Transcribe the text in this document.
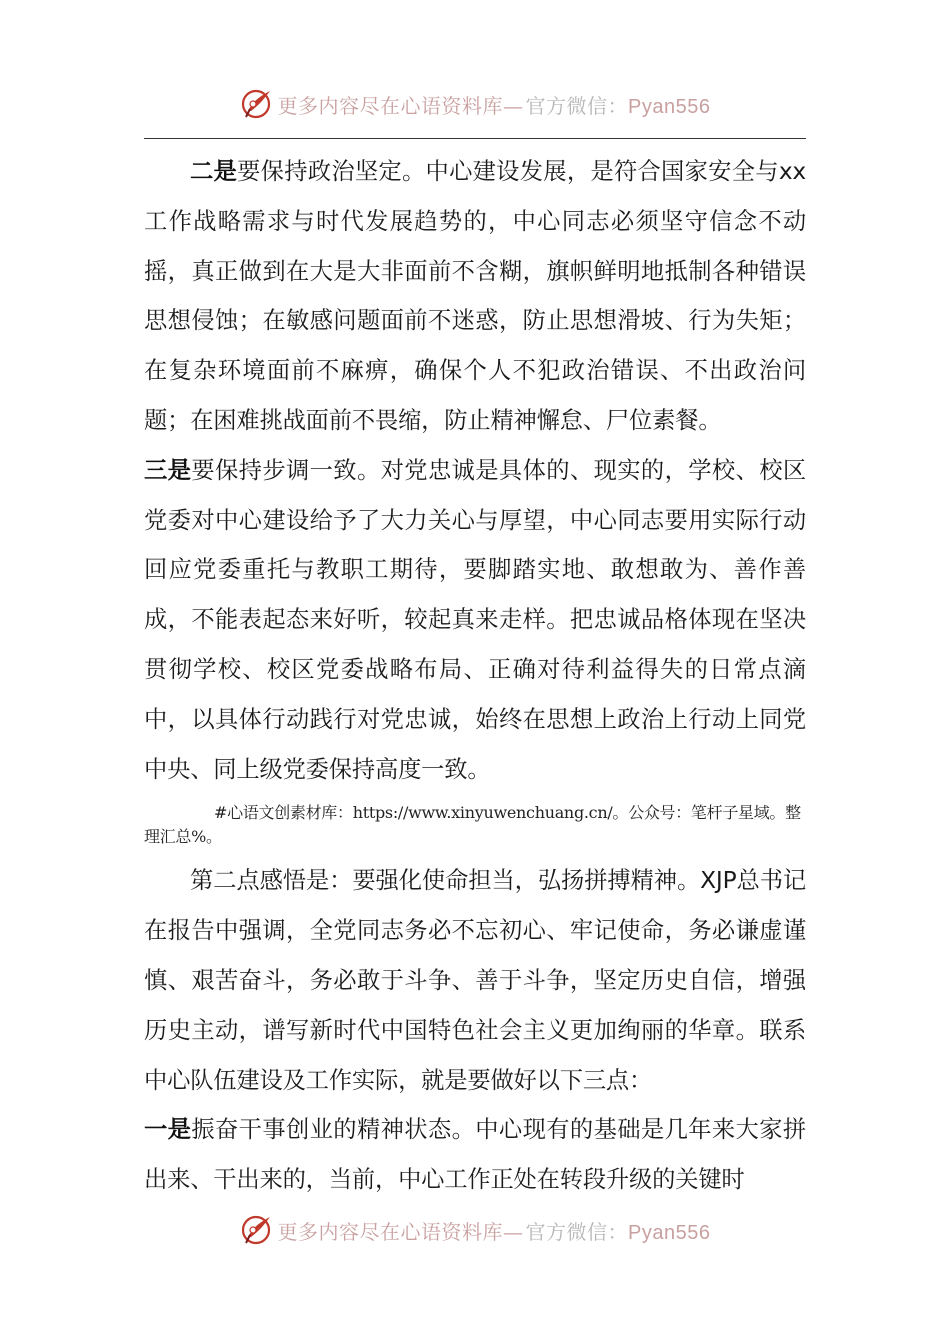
更多内容尽在心语资料库— 官方微信：Pyan556

二是要保持政治坚定。中心建设发展，是符合国家安全与xx工作战略需求与时代发展趋势的，中心同志必须坚守信念不动摇，真正做到在大是大非面前不含糊，旗帜鲜明地抵制各种错误思想侵蚀；在敏感问题面前不迷惑，防止思想滑坡、行为失矩；在复杂环境面前不麻痹，确保个人不犯政治错误、不出政治问题；在困难挑战面前不畏缩，防止精神懈怠、尸位素餐。

三是要保持步调一致。对党忠诚是具体的、现实的，学校、校区党委对中心建设给予了大力关心与厚望，中心同志要用实际行动回应党委重托与教职工期待，要脚踏实地、敢想敢为、善作善成，不能表起态来好听，较起真来走样。把忠诚品格体现在坚决贯彻学校、校区党委战略布局、正确对待利益得失的日常点滴中，以具体行动践行对党忠诚，始终在思想上政治上行动上同党中央、同上级党委保持高度一致。

#心语文创素材库：https://www.xinyuwenchuang.cn/。公众号：笔杆子星域。整理汇总%。

第二点感悟是：要强化使命担当，弘扬拼搏精神。XJP总书记在报告中强调，全党同志务必不忘初心、牢记使命，务必谦虚谨慎、艰苦奋斗，务必敢于斗争、善于斗争，坚定历史自信，增强历史主动，谱写新时代中国特色社会主义更加绚丽的华章。联系中心队伍建设及工作实际，就是要做好以下三点：

一是振奋干事创业的精神状态。中心现有的基础是几年来大家拼出来、干出来的，当前，中心工作正处在转段升级的关键时

更多内容尽在心语资料库— 官方微信：Pyan556
